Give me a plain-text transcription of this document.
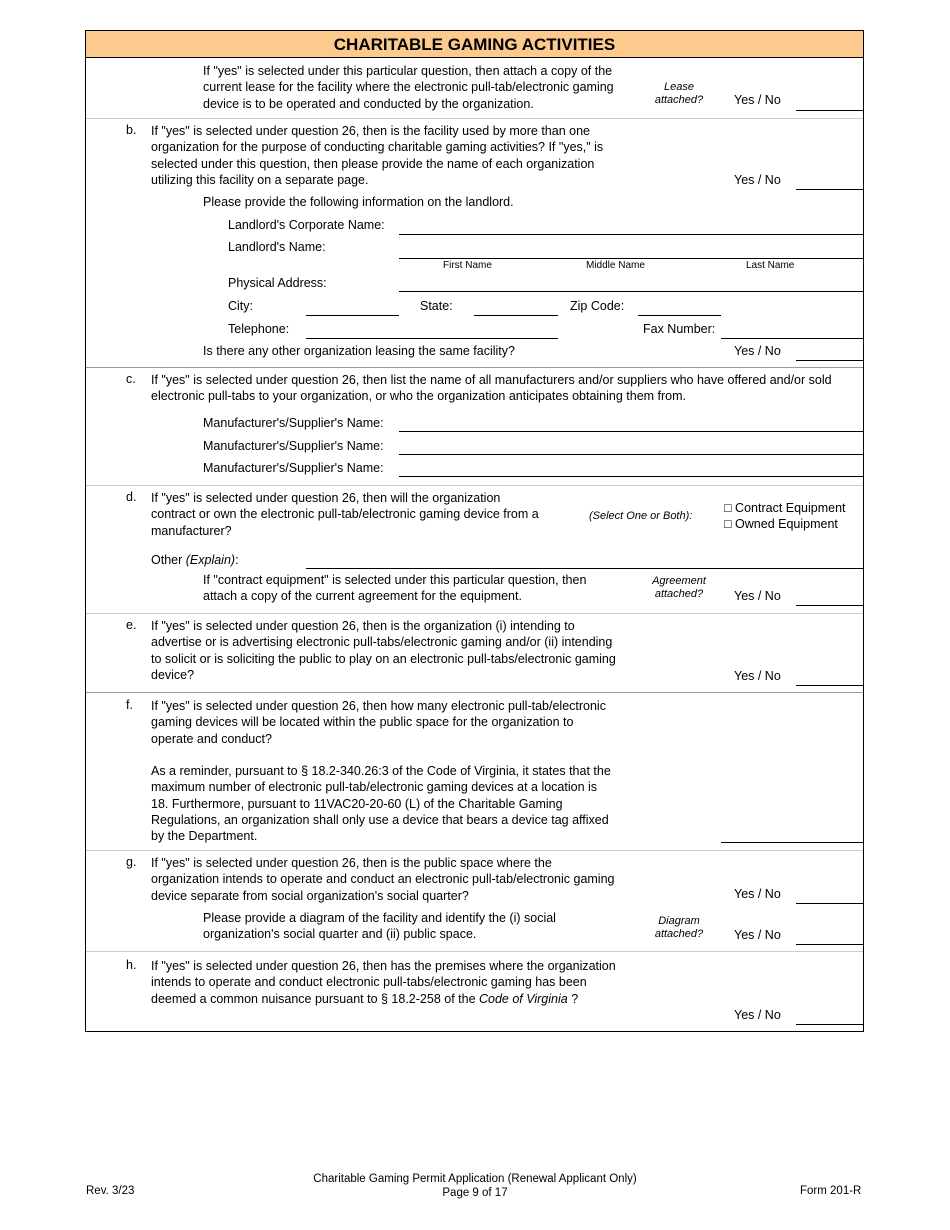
CHARITABLE GAMING ACTIVITIES
If "yes" is selected under this particular question, then attach a copy of the
current lease for the facility where the electronic pull-tab/electronic gaming
device is to be operated and conducted by the organization.
Lease
attached?	Yes / No
b. If "yes" is selected under question 26, then is the facility used by more than one
organization for the purpose of conducting charitable gaming activities? If "yes," is
selected under this question, then please provide the name of each organization
utilizing this facility on a separate page.	Yes / No
Please provide the following information on the landlord.
Landlord's Corporate Name:
Landlord's Name:
First Name	Middle Name	Last Name
Physical Address:
City:	State:	Zip Code:
Telephone:	Fax Number:
Is there any other organization leasing the same facility?	Yes / No
c. If "yes" is selected under question 26, then list the name of all manufacturers and/or suppliers who have offered and/or sold
electronic pull-tabs to your organization, or who the organization anticipates obtaining them from.
Manufacturer's/Supplier's Name:
Manufacturer's/Supplier's Name:
Manufacturer's/Supplier's Name:
d. If "yes" is selected under question 26, then will the organization
contract or own the electronic pull-tab/electronic gaming device from a
manufacturer?
(Select One or Both):
□ Contract Equipment
□ Owned Equipment
Other (Explain):
If "contract equipment" is selected under this particular question, then
attach a copy of the current agreement for the equipment.
Agreement
attached?	Yes / No
e. If "yes" is selected under question 26, then is the organization (i) intending to
advertise or is advertising electronic pull-tabs/electronic gaming and/or (ii) intending
to solicit or is soliciting the public to play on an electronic pull-tabs/electronic gaming
device?	Yes / No
f. If "yes" is selected under question 26, then how many electronic pull-tab/electronic
gaming devices will be located within the public space for the organization to
operate and conduct?
As a reminder, pursuant to § 18.2-340.26:3 of the Code of Virginia, it states that the
maximum number of electronic pull-tab/electronic gaming devices at a location is
18. Furthermore, pursuant to 11VAC20-20-60 (L) of the Charitable Gaming
Regulations, an organization shall only use a device that bears a device tag affixed
by the Department.
g. If "yes" is selected under question 26, then is the public space where the
organization intends to operate and conduct an electronic pull-tab/electronic gaming
device separate from social organization's social quarter?	Yes / No
Please provide a diagram of the facility and identify the (i) social
organization's social quarter and (ii) public space.
Diagram
attached?	Yes / No
h. If "yes" is selected under question 26, then has the premises where the organization
intends to operate and conduct electronic pull-tabs/electronic gaming has been
deemed a common nuisance pursuant to § 18.2-258 of the Code of Virginia ?
Yes / No
Rev. 3/23
Charitable Gaming Permit Application (Renewal Applicant Only)
Page 9 of 17	Form 201-R
